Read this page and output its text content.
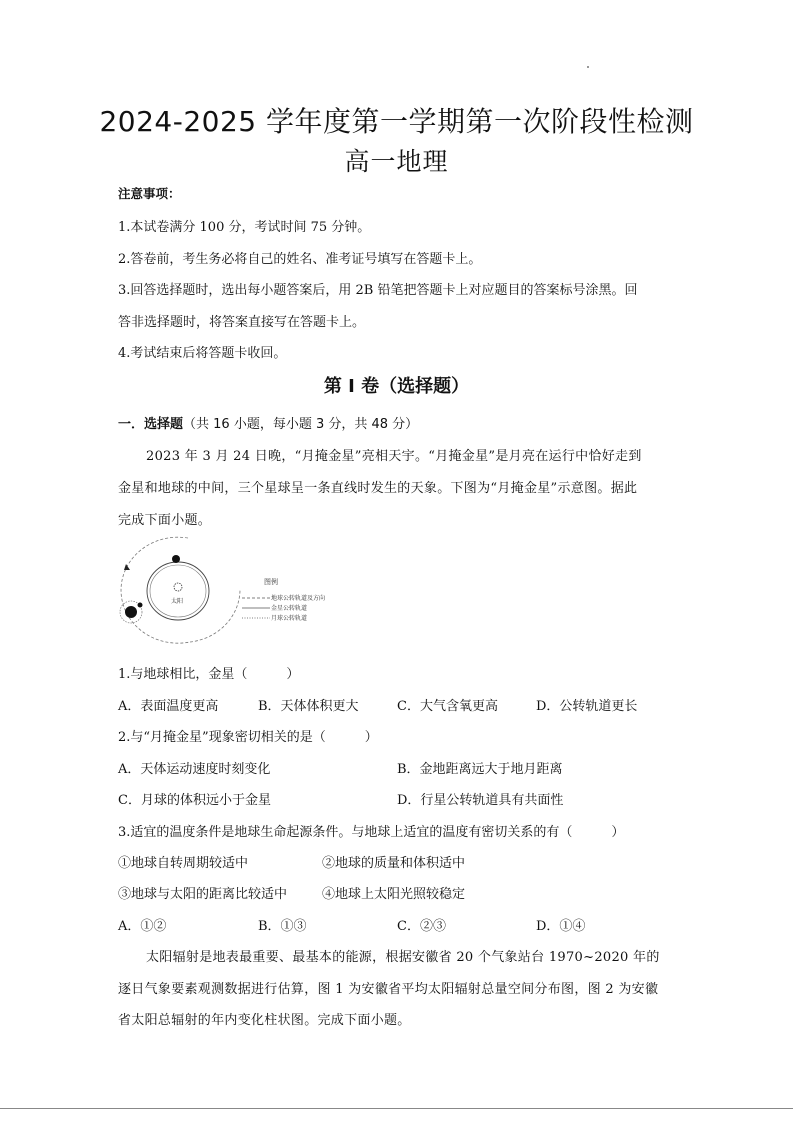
2024-2025 学年度第一学期第一次阶段性检测
高一地理
注意事项：
1.本试卷满分 100 分，考试时间 75 分钟。
2.答卷前，考生务必将自己的姓名、准考证号填写在答题卡上。
3.回答选择题时，选出每小题答案后，用 2B 铅笔把答题卡上对应题目的答案标号涂黑。回
答非选择题时，将答案直接写在答题卡上。
4.考试结束后将答题卡收回。
第 I 卷（选择题）
一．选择题（共 16 小题，每小题 3 分，共 48 分）
2023 年 3 月 24 日晚，“月掩金星”亮相天宇。“月掩金星”是月亮在运行中恰好走到
金星和地球的中间，三个星球呈一条直线时发生的天象。下图为“月掩金星”示意图。据此
完成下面小题。
太阳
图例
地球公转轨道及方向
金星公转轨道
月球公转轨道
1.与地球相比，金星（　　　）
A．表面温度更高	B．天体体积更大	C．大气含氧更高	D．公转轨道更长
2.与“月掩金星”现象密切相关的是（　　　）
A．天体运动速度时刻变化	B．金地距离远大于地月距离
C．月球的体积远小于金星	D．行星公转轨道具有共面性
3.适宜的温度条件是地球生命起源条件。与地球上适宜的温度有密切关系的有（　　　）
①地球自转周期较适中	②地球的质量和体积适中
③地球与太阳的距离比较适中	④地球上太阳光照较稳定
A．①②	B．①③	C．②③	D．①④
太阳辐射是地表最重要、最基本的能源，根据安徽省 20 个气象站台 1970~2020 年的
逐日气象要素观测数据进行估算，图 1 为安徽省平均太阳辐射总量空间分布图，图 2 为安徽
省太阳总辐射的年内变化柱状图。完成下面小题。
